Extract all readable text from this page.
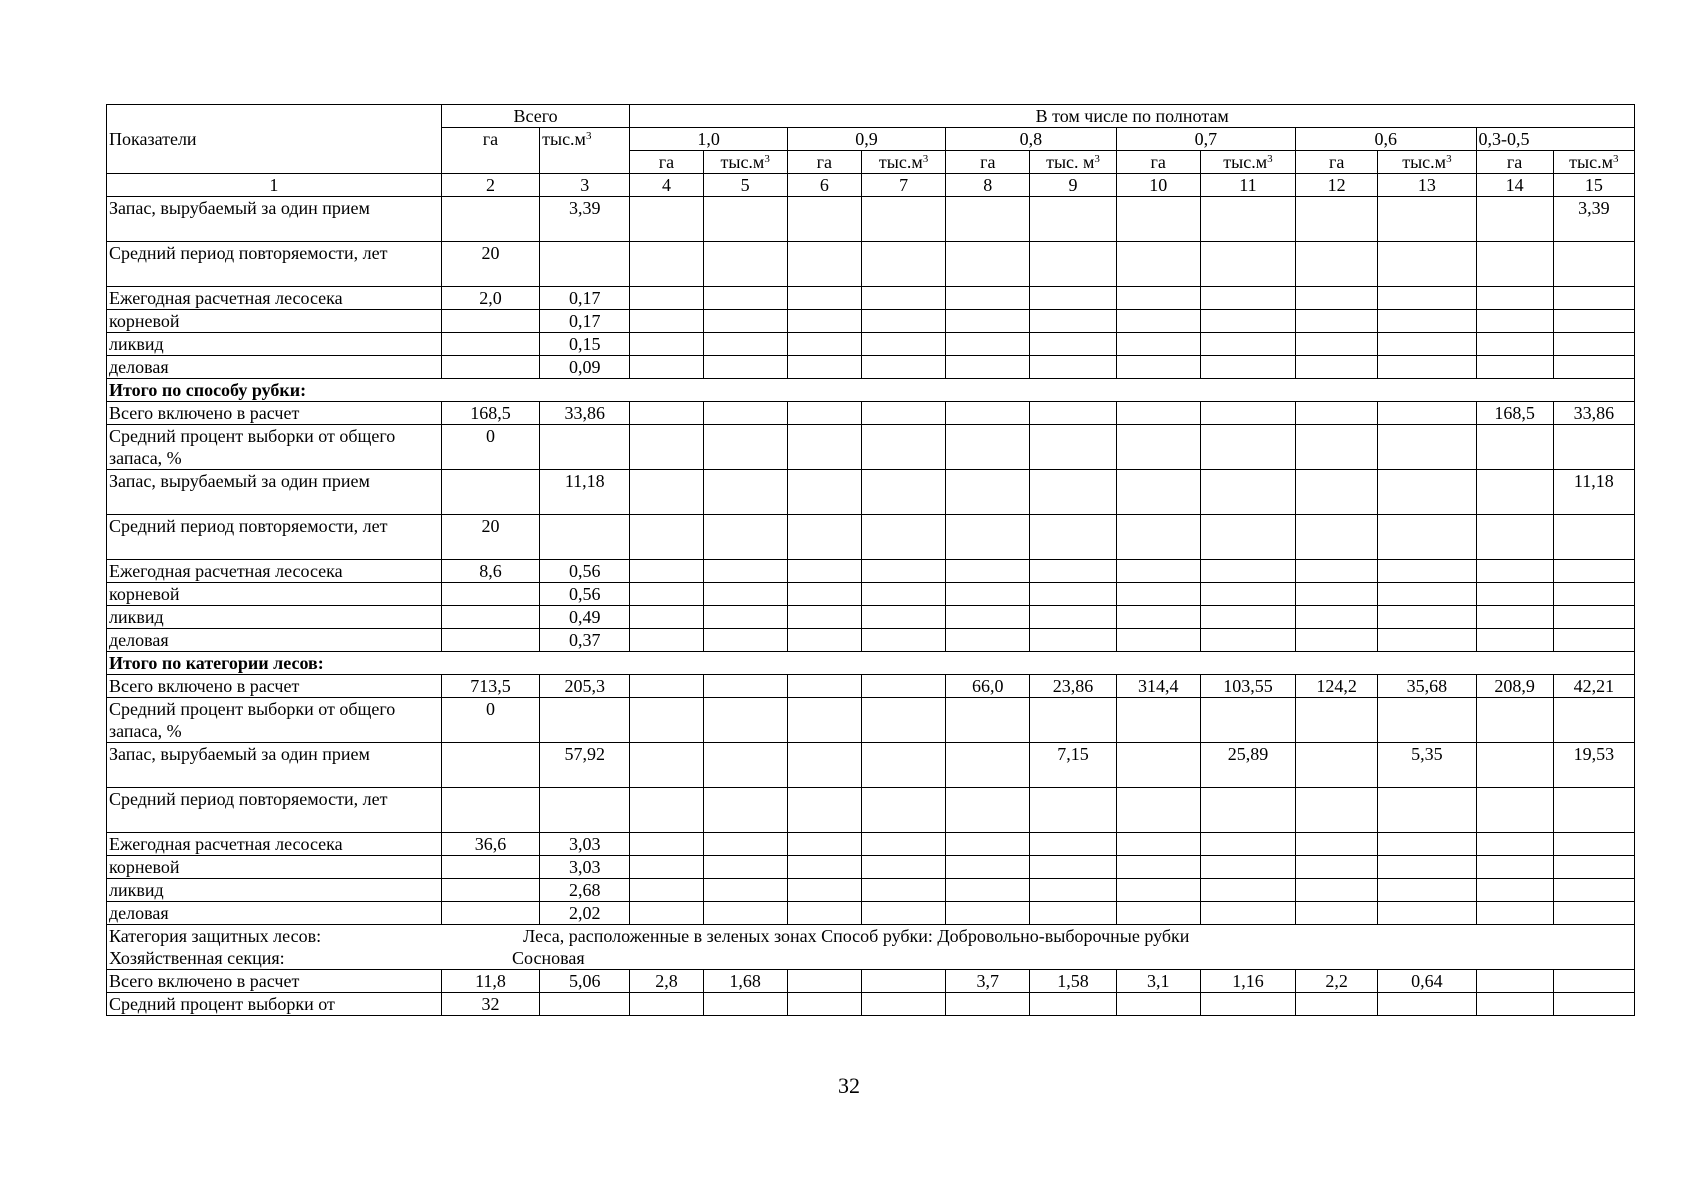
Показатели	Всего		В том числе по полнотам											
	га	$тыс.м^3$	1,0		0,9		0,8		0,7		0,6		0,3-0,5	
			га	$тыс.м^3$	га	$тыс.м^3$	га	тыс. $м^3$	га	$тыс.м^3$	га	$тыс.м^3$	га	$тыс.м^3$
1	2	3	4	5	6	7	8	9	10	11	12	13	14	15
Запас, вырубаемый за один прием		3,39												3,39
Средний период повторяемости, лет	20													
Ежегодная расчетная лесосека	2,0	0,17												
корневой		0,17												
ликвид		0,15												
деловая		0,09												
Итого по способу рубки:														
Всего включено в расчет	168,5	33,86											168,5	33,86
Средний процент выборки от общего запаса, %	0													
Запас, вырубаемый за один прием		11,18												11,18
Средний период повторяемости, лет	20													
Ежегодная расчетная лесосека	8,6	0,56												
корневой		0,56												
ликвид		0,49												
деловая		0,37												
Итого по категории лесов:														
Всего включено в расчет	713,5	205,3					66,0	23,86	314,4	103,55	124,2	35,68	208,9	42,21
Средний процент выборки от общего запаса, %	0													
Запас, вырубаемый за один прием		57,92						7,15		25,89		5,35		19,53
Средний период повторяемости, лет														
Ежегодная расчетная лесосека	36,6	3,03												
корневой		3,03												
ликвид		2,68												
деловая		2,02												

Категория защитных лесов: Леса, расположенные в зеленых зонах Способ рубки: Добровольно-выборочные рубки
Хозяйственная секция: Сосновая														

Всего включено в расчет	11,8	5,06	2,8	1,68			3,7	1,58	3,1	1,16	2,2	0,64		
Средний процент выборки от	32													
32
